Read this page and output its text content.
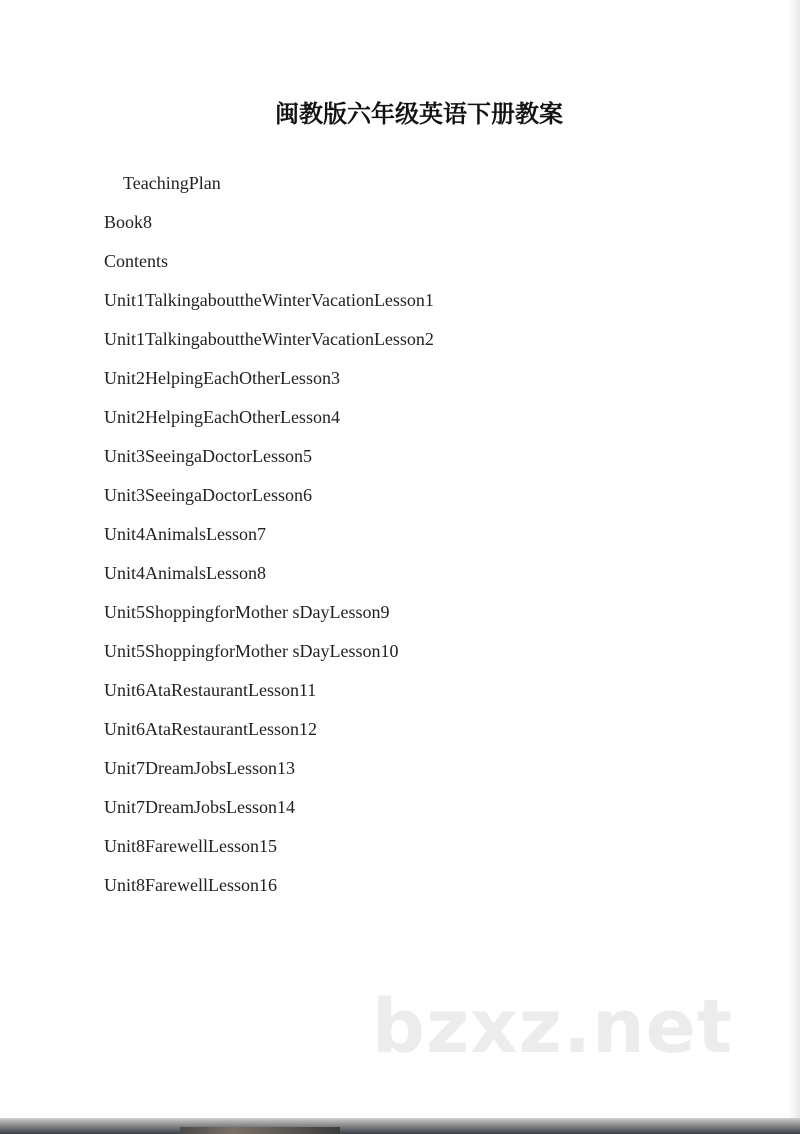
闽教版六年级英语下册教案
TeachingPlan
Book8
Contents
Unit1TalkingabouttheWinterVacationLesson1
Unit1TalkingabouttheWinterVacationLesson2
Unit2HelpingEachOtherLesson3
Unit2HelpingEachOtherLesson4
Unit3SeeingaDoctorLesson5
Unit3SeeingaDoctorLesson6
Unit4AnimalsLesson7
Unit4AnimalsLesson8
Unit5ShoppingforMother sDayLesson9
Unit5ShoppingforMother sDayLesson10
Unit6AtaRestaurantLesson11
Unit6AtaRestaurantLesson12
Unit7DreamJobsLesson13
Unit7DreamJobsLesson14
Unit8FarewellLesson15
Unit8FarewellLesson16
bzxz.net
